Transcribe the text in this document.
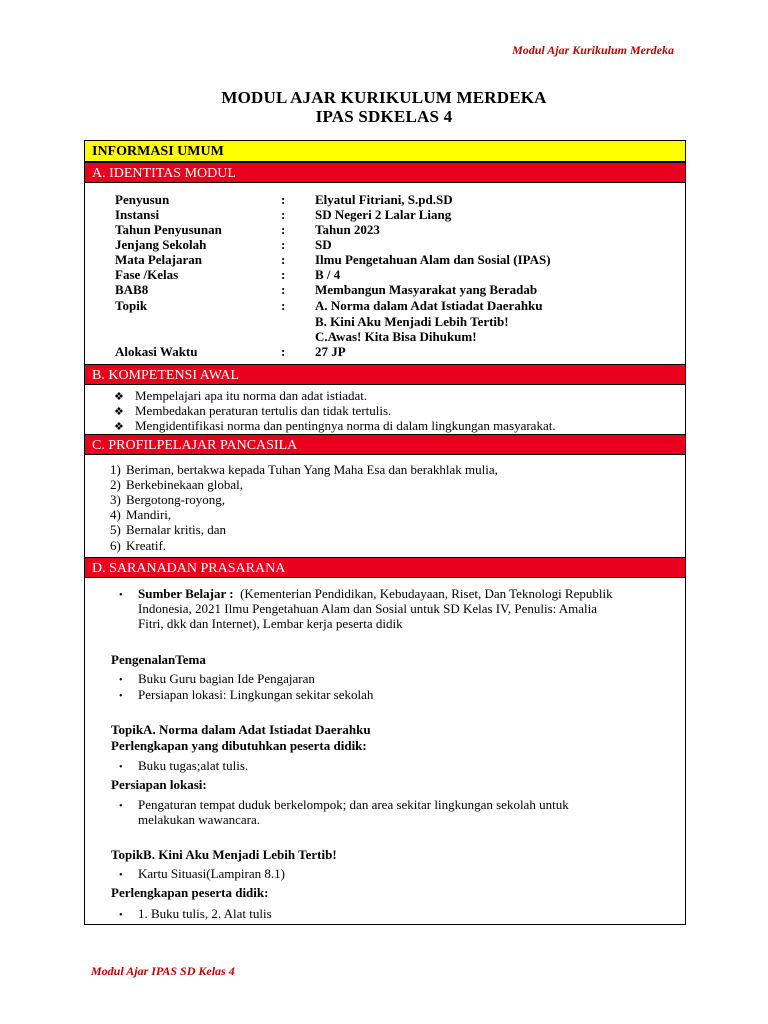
Modul Ajar Kurikulum Merdeka
MODUL AJAR KURIKULUM MERDEKA
IPAS SDKELAS 4
INFORMASI UMUM
A. IDENTITAS MODUL
Penyusun	: Elyatul Fitriani, S.pd.SD
Instansi	: SD Negeri 2 Lalar Liang
Tahun Penyusunan	: Tahun 2023
Jenjang Sekolah	: SD
Mata Pelajaran	: Ilmu Pengetahuan Alam dan Sosial (IPAS)
Fase /Kelas	: B / 4
BAB8	: Membangun Masyarakat yang Beradab
Topik	: A. Norma dalam Adat Istiadat Daerahku
B. Kini Aku Menjadi Lebih Tertib!
C.Awas! Kita Bisa Dihukum!
Alokasi Waktu	: 27 JP
B. KOMPETENSI AWAL
❖ Mempelajari apa itu norma dan adat istiadat.
❖ Membedakan peraturan tertulis dan tidak tertulis.
❖ Mengidentifikasi norma dan pentingnya norma di dalam lingkungan masyarakat.
C. PROFILPELAJAR PANCASILA
1) Beriman, bertakwa kepada Tuhan Yang Maha Esa dan berakhlak mulia,
2) Berkebinekaan global,
3) Bergotong-royong,
4) Mandiri,
5) Bernalar kritis, dan
6) Kreatif.
D. SARANADAN PRASARANA
• Sumber Belajar : (Kementerian Pendidikan, Kebudayaan, Riset, Dan Teknologi Republik
Indonesia, 2021 Ilmu Pengetahuan Alam dan Sosial untuk SD Kelas IV, Penulis: Amalia
Fitri, dkk dan Internet), Lembar kerja peserta didik
PengenalanTema
• Buku Guru bagian Ide Pengajaran
• Persiapan lokasi: Lingkungan sekitar sekolah
TopikA. Norma dalam Adat Istiadat Daerahku
Perlengkapan yang dibutuhkan peserta didik:
• Buku tugas;alat tulis.
Persiapan lokasi:
• Pengaturan tempat duduk berkelompok; dan area sekitar lingkungan sekolah untuk
melakukan wawancara.
TopikB. Kini Aku Menjadi Lebih Tertib!
• Kartu Situasi(Lampiran 8.1)
Perlengkapan peserta didik:
• 1. Buku tulis, 2. Alat tulis
Modul Ajar IPAS SD Kelas 4
